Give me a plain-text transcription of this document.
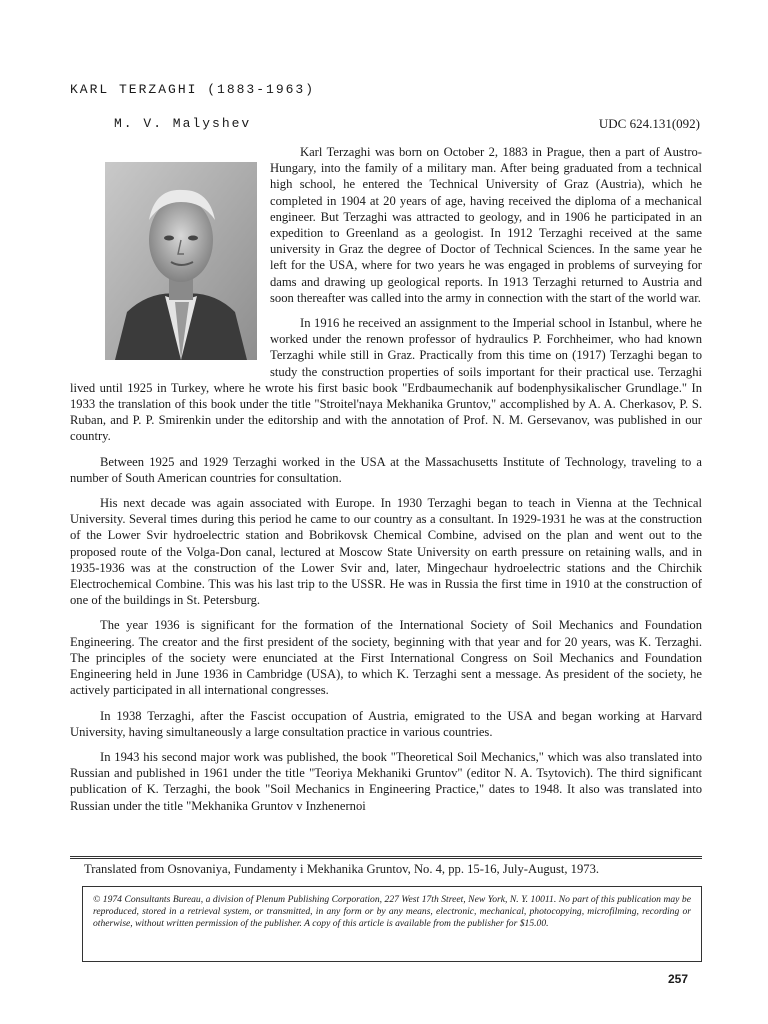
KARL TERZAGHI (1883-1963)
M. V. Malyshev	UDC 624.131(092)

Karl Terzaghi was born on October 2, 1883 in Prague, then a part of Austro-Hungary, into the family of a military man. After being graduated from a technical high school, he entered the Technical University of Graz (Austria), which he completed in 1904 at 20 years of age, having received the diploma of a mechanical engineer. But Terzaghi was attracted to geology, and in 1906 he participated in an expedition to Greenland as a geologist. In 1912 Terzaghi received at the same university in Graz the degree of Doctor of Technical Sciences. In the same year he left for the USA, where for two years he was engaged in problems of surveying for dams and drawing up geological reports. In 1913 Terzaghi returned to Austria and soon thereafter was called into the army in connection with the start of the world war.

In 1916 he received an assignment to the Imperial school in Istanbul, where he worked under the renown professor of hydraulics P. Forchheimer, who had known Terzaghi while still in Graz. Practically from this time on (1917) Terzaghi began to study the construction properties of soils important for their practical use. Terzaghi lived until 1925 in Turkey, where he wrote his first basic book "Erdbaumechanik auf bodenphysikalischer Grundlage." In 1933 the translation of this book under the title "Stroitel'naya Mekhanika Gruntov," accomplished by A. A. Cherkasov, P. S. Ruban, and P. P. Smirenkin under the editorship and with the annotation of Prof. N. M. Gersevanov, was published in our country.

Between 1925 and 1929 Terzaghi worked in the USA at the Massachusetts Institute of Technology, traveling to a number of South American countries for consultation.

His next decade was again associated with Europe. In 1930 Terzaghi began to teach in Vienna at the Technical University. Several times during this period he came to our country as a consultant. In 1929-1931 he was at the construction of the Lower Svir hydroelectric station and Bobrikovsk Chemical Combine, advised on the plan and went out to the proposed route of the Volga-Don canal, lectured at Moscow State University on earth pressure on retaining walls, and in 1935-1936 was at the construction of the Lower Svir and, later, Mingechaur hydroelectric stations and the Chirchik Electrochemical Combine. This was his last trip to the USSR. He was in Russia the first time in 1910 at the construction of one of the buildings in St. Petersburg.

The year 1936 is significant for the formation of the International Society of Soil Mechanics and Foundation Engineering. The creator and the first president of the society, beginning with that year and for 20 years, was K. Terzaghi. The principles of the society were enunciated at the First International Congress on Soil Mechanics and Foundation Engineering held in June 1936 in Cambridge (USA), to which K. Terzaghi sent a message. As president of the society, he actively participated in all international congresses.

In 1938 Terzaghi, after the Fascist occupation of Austria, emigrated to the USA and began working at Harvard University, having simultaneously a large consultation practice in various countries.

In 1943 his second major work was published, the book "Theoretical Soil Mechanics," which was also translated into Russian and published in 1961 under the title "Teoriya Mekhaniki Gruntov" (editor N. A. Tsytovich). The third significant publication of K. Terzaghi, the book "Soil Mechanics in Engineering Practice," dates to 1948. It also was translated into Russian under the title "Mekhanika Gruntov v Inzhenernoi

Translated from Osnovaniya, Fundamenty i Mekhanika Gruntov, No. 4, pp. 15-16, July-August, 1973.
© 1974 Consultants Bureau, a division of Plenum Publishing Corporation, 227 West 17th Street, New York, N. Y. 10011. No part of this publication may be reproduced, stored in a retrieval system, or transmitted, in any form or by any means, electronic, mechanical, photocopying, microfilming, recording or otherwise, without written permission of the publisher. A copy of this article is available from the publisher for $15.00.
257
